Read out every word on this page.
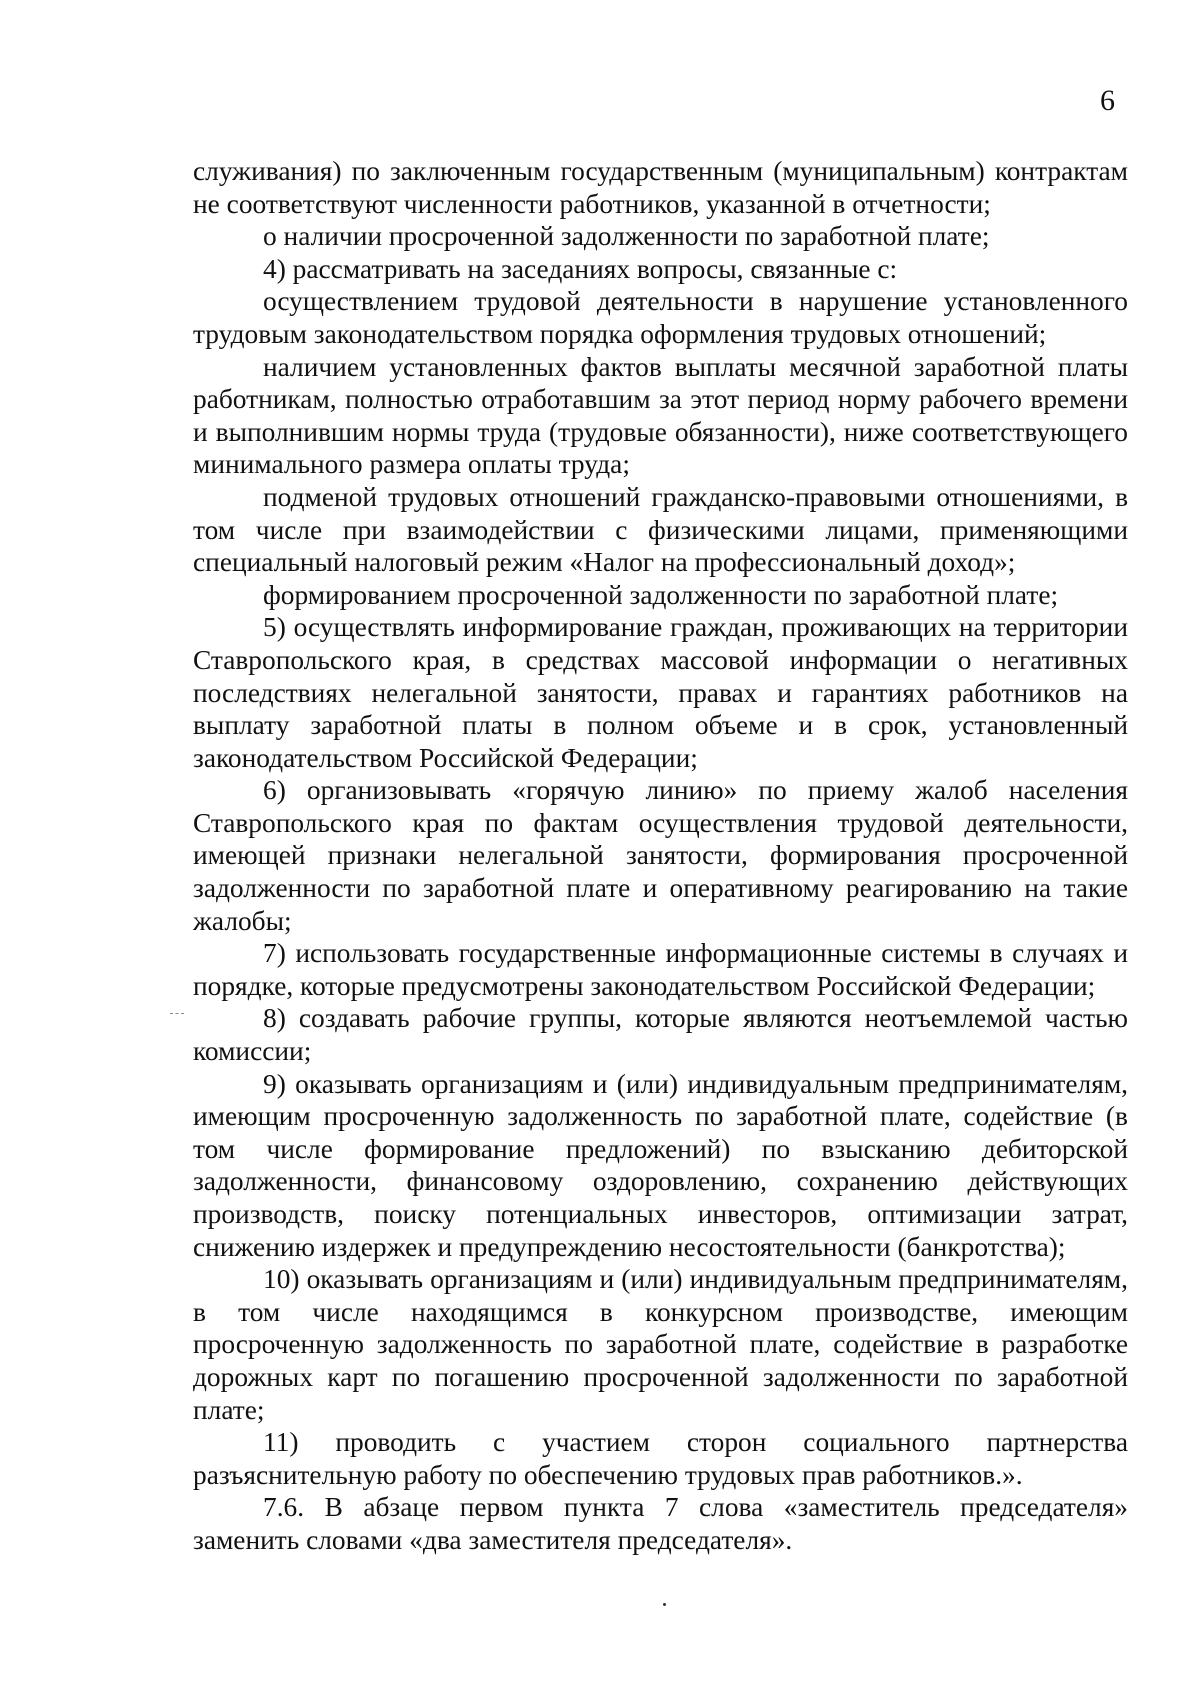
6

служивания) по заключенным государственным (муниципальным) контрактам не соответствуют численности работников, указанной в отчетности;

о наличии просроченной задолженности по заработной плате;

4) рассматривать на заседаниях вопросы, связанные с:

осуществлением трудовой деятельности в нарушение установленного трудовым законодательством порядка оформления трудовых отношений;

наличием установленных фактов выплаты месячной заработной платы работникам, полностью отработавшим за этот период норму рабочего времени и выполнившим нормы труда (трудовые обязанности), ниже соответствующего минимального размера оплаты труда;

подменой трудовых отношений гражданско-правовыми отношениями, в том числе при взаимодействии с физическими лицами, применяющими специальный налоговый режим «Налог на профессиональный доход»;

формированием просроченной задолженности по заработной плате;

5) осуществлять информирование граждан, проживающих на территории Ставропольского края, в средствах массовой информации о негативных последствиях нелегальной занятости, правах и гарантиях работников на выплату заработной платы в полном объеме и в срок, установленный законодательством Российской Федерации;

6) организовывать «горячую линию» по приему жалоб населения Ставропольского края по фактам осуществления трудовой деятельности, имеющей признаки нелегальной занятости, формирования просроченной задолженности по заработной плате и оперативному реагированию на такие жалобы;

7) использовать государственные информационные системы в случаях и порядке, которые предусмотрены законодательством Российской Федерации;

8) создавать рабочие группы, которые являются неотъемлемой частью комиссии;

9) оказывать организациям и (или) индивидуальным предпринимателям, имеющим просроченную задолженность по заработной плате, содействие (в том числе формирование предложений) по взысканию дебиторской задолженности, финансовому оздоровлению, сохранению действующих производств, поиску потенциальных инвесторов, оптимизации затрат, снижению издержек и предупреждению несостоятельности (банкротства);

10) оказывать организациям и (или) индивидуальным предпринимателям, в том числе находящимся в конкурсном производстве, имеющим просроченную задолженность по заработной плате, содействие в разработке дорожных карт по погашению просроченной задолженности по заработной плате;

11) проводить с участием сторон социального партнерства разъяснительную работу по обеспечению трудовых прав работников.».

7.6. В абзаце первом пункта 7 слова «заместитель председателя» заменить словами «два заместителя председателя».
